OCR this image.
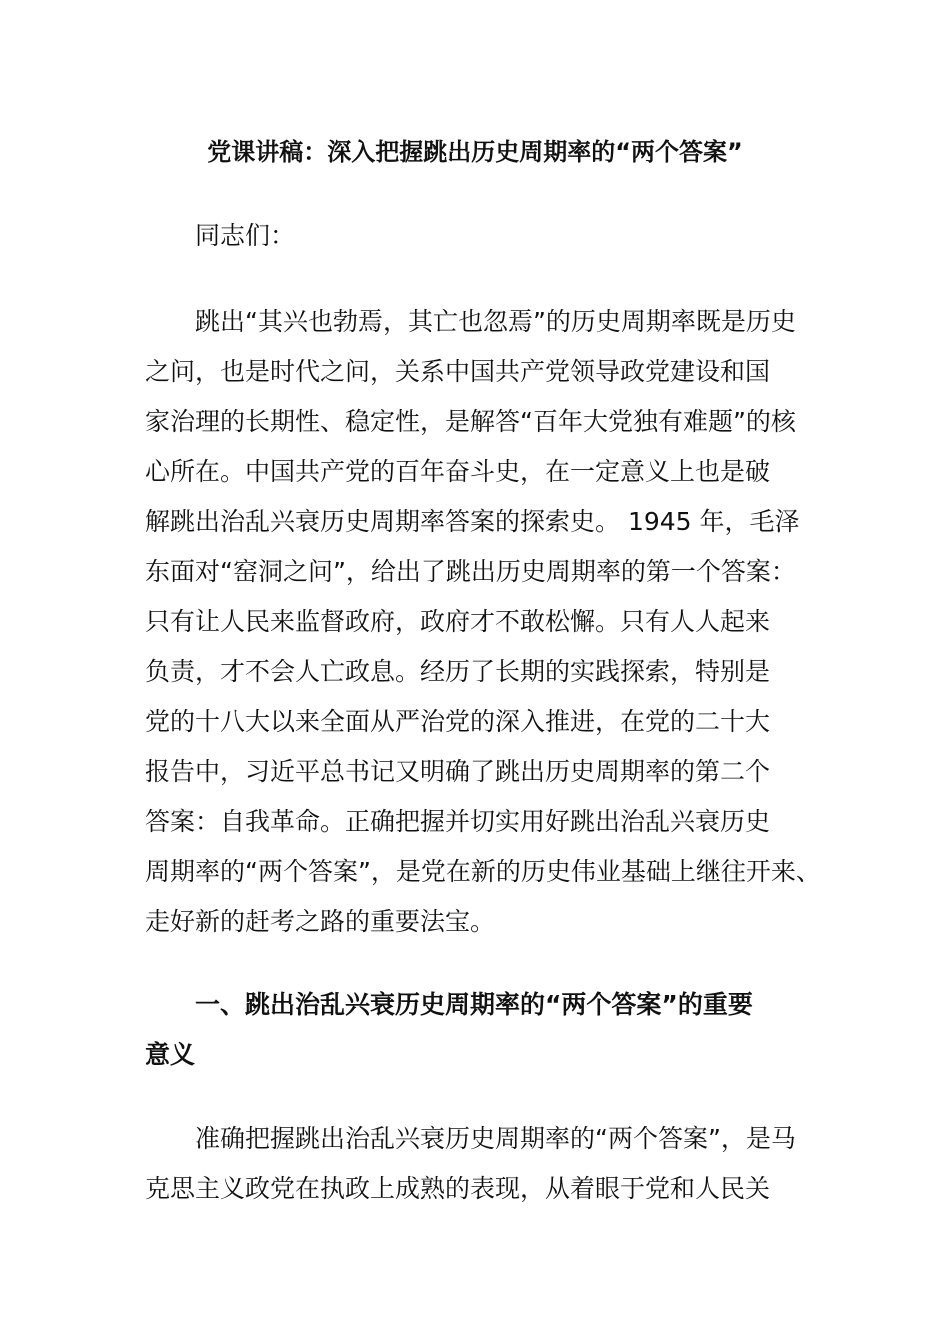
党课讲稿：深入把握跳出历史周期率的“两个答案”
同志们：
跳出“其兴也勃焉，其亡也忽焉”的历史周期率既是历史
之问，也是时代之问，关系中国共产党领导政党建设和国
家治理的长期性、稳定性，是解答“百年大党独有难题”的核
心所在。中国共产党的百年奋斗史，在一定意义上也是破
解跳出治乱兴衰历史周期率答案的探索史。 1945 年，毛泽
东面对“窑洞之问”，给出了跳出历史周期率的第一个答案：
只有让人民来监督政府，政府才不敢松懈。只有人人起来
负责，才不会人亡政息。经历了长期的实践探索，特别是
党的十八大以来全面从严治党的深入推进，在党的二十大
报告中，习近平总书记又明确了跳出历史周期率的第二个
答案：自我革命。正确把握并切实用好跳出治乱兴衰历史
周期率的“两个答案”，是党在新的历史伟业基础上继往开来、
走好新的赶考之路的重要法宝。
一、跳出治乱兴衰历史周期率的“两个答案”的重要
意义
准确把握跳出治乱兴衰历史周期率的“两个答案”，是马
克思主义政党在执政上成熟的表现，从着眼于党和人民关
